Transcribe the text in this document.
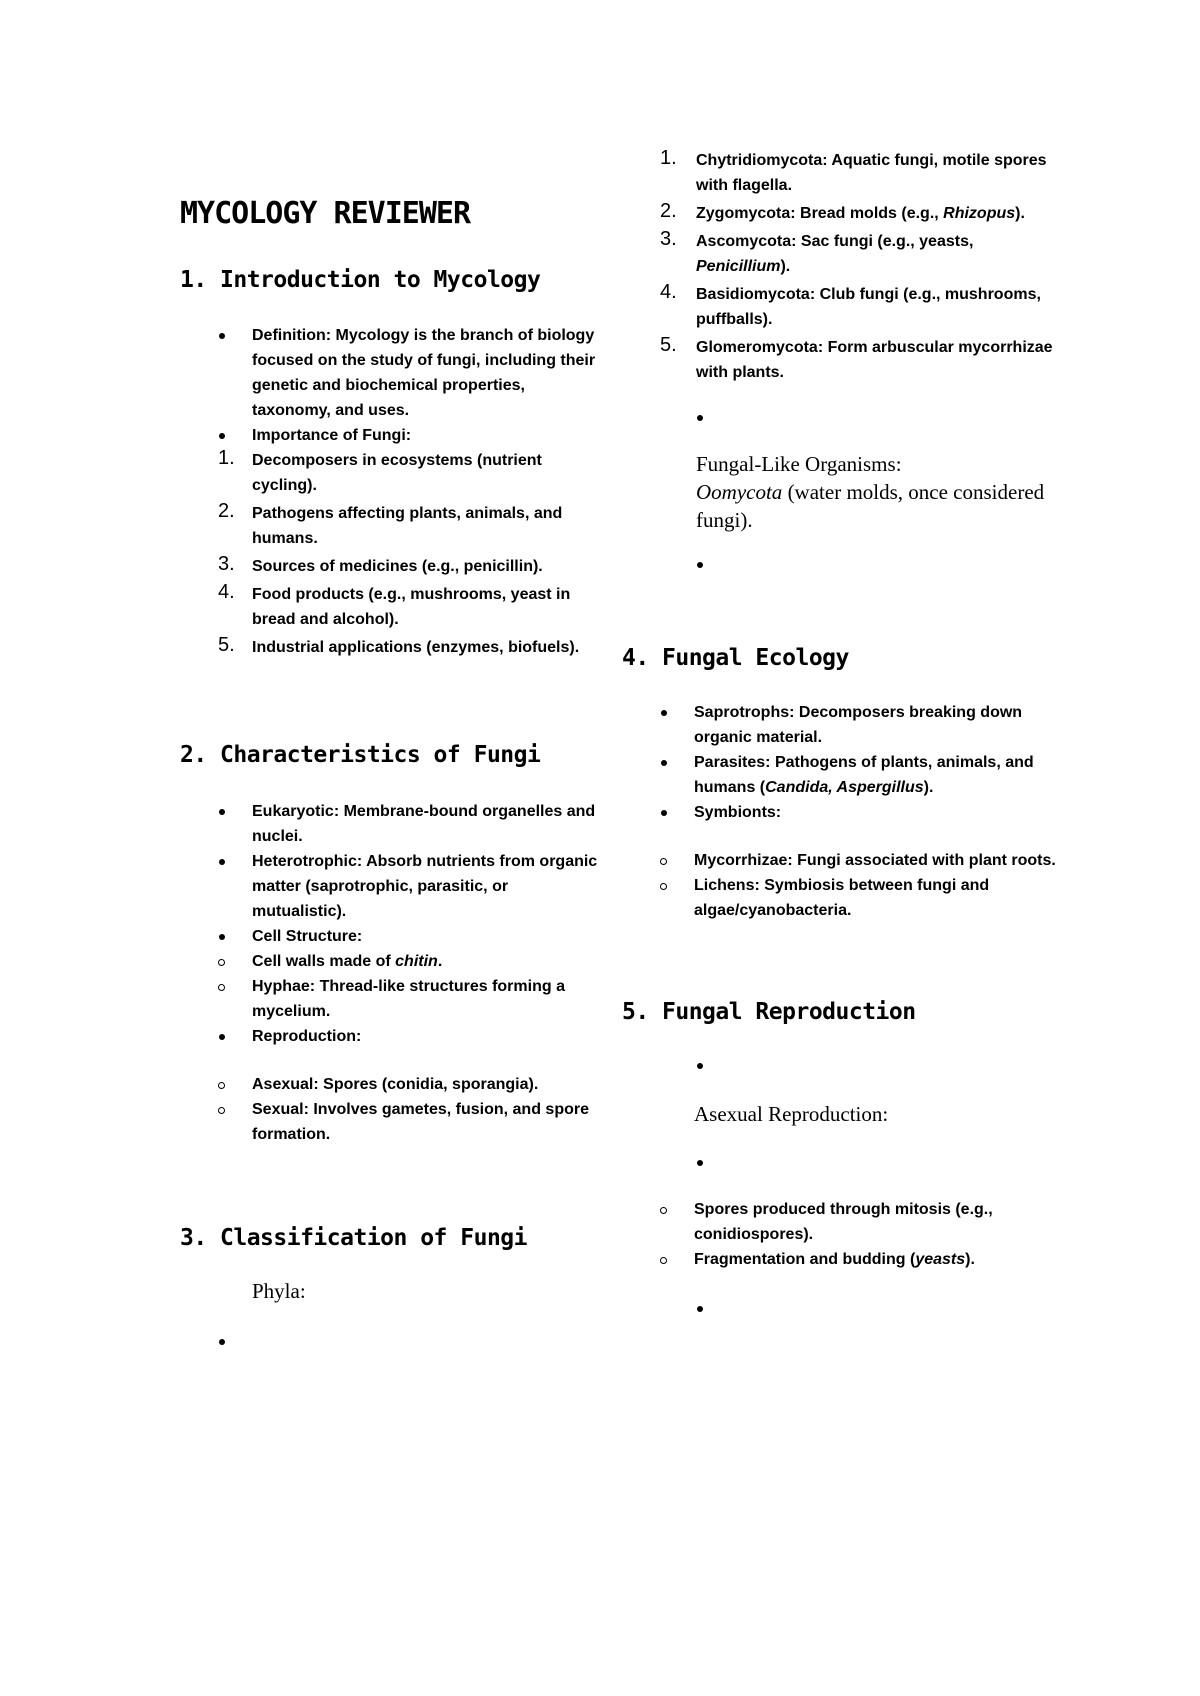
MYCOLOGY REVIEWER
1. Introduction to Mycology
Definition: Mycology is the branch of biology focused on the study of fungi, including their genetic and biochemical properties, taxonomy, and uses.
Importance of Fungi:
1. Decomposers in ecosystems (nutrient cycling).
2. Pathogens affecting plants, animals, and humans.
3. Sources of medicines (e.g., penicillin).
4. Food products (e.g., mushrooms, yeast in bread and alcohol).
5. Industrial applications (enzymes, biofuels).
2. Characteristics of Fungi
Eukaryotic: Membrane-bound organelles and nuclei.
Heterotrophic: Absorb nutrients from organic matter (saprotrophic, parasitic, or mutualistic).
Cell Structure:
Cell walls made of chitin.
Hyphae: Thread-like structures forming a mycelium.
Reproduction:
Asexual: Spores (conidia, sporangia).
Sexual: Involves gametes, fusion, and spore formation.
3. Classification of Fungi
Phyla:
1. Chytridiomycota: Aquatic fungi, motile spores with flagella.
2. Zygomycota: Bread molds (e.g., Rhizopus).
3. Ascomycota: Sac fungi (e.g., yeasts, Penicillium).
4. Basidiomycota: Club fungi (e.g., mushrooms, puffballs).
5. Glomeromycota: Form arbuscular mycorrhizae with plants.
Fungal-Like Organisms:
Oomycota (water molds, once considered fungi).
4. Fungal Ecology
Saprotrophs: Decomposers breaking down organic material.
Parasites: Pathogens of plants, animals, and humans (Candida, Aspergillus).
Symbionts:
Mycorrhizae: Fungi associated with plant roots.
Lichens: Symbiosis between fungi and algae/cyanobacteria.
5. Fungal Reproduction
Asexual Reproduction:
Spores produced through mitosis (e.g., conidiospores).
Fragmentation and budding (yeasts).
